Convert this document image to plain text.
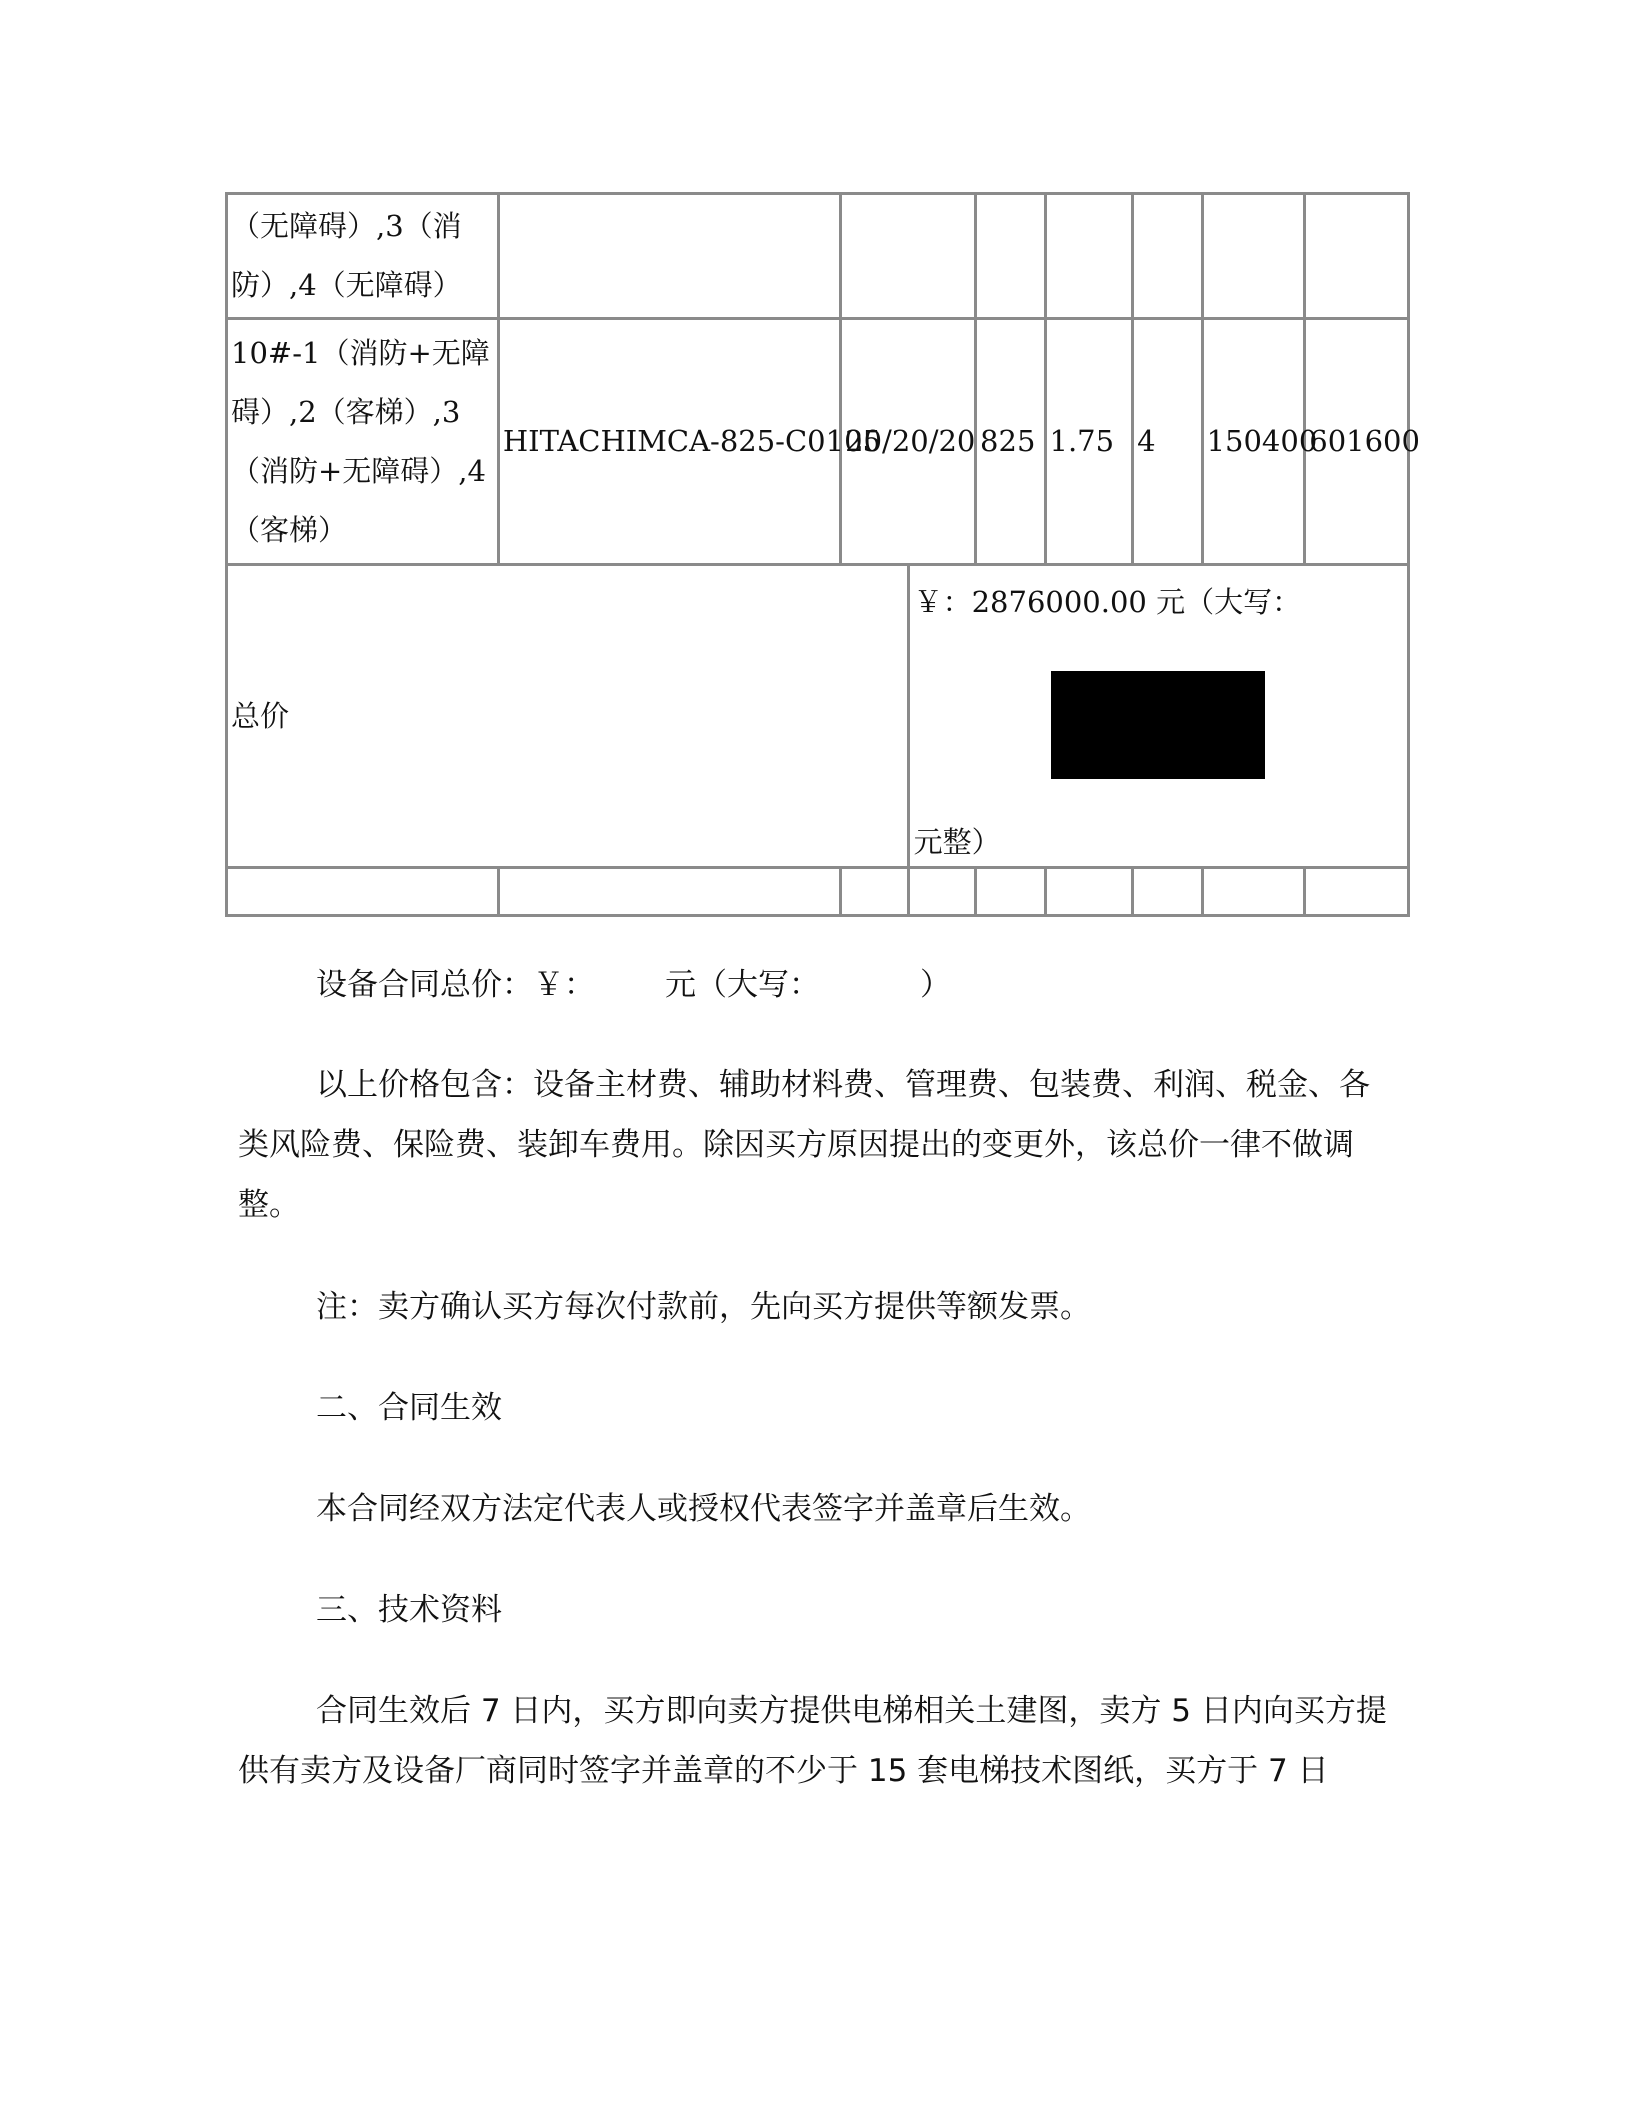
（无障碍）,3（消防）,4（无障碍）								
10#-1（消防+无障碍）,2（客梯）,3（消防+无障碍）,4（客梯）	HITACHIMCA-825-C0105	20/20/20		825	1.75	4	150400	601600
总价			￥：2876000.00 元（大写：
元整）					

设备合同总价：￥： 元（大写：	）

以上价格包含：设备主材费、辅助材料费、管理费、包装费、利润、税金、各类风险费、保险费、装卸车费用。除因买方原因提出的变更外，该总价一律不做调整。

注：卖方确认买方每次付款前，先向买方提供等额发票。

二、合同生效

本合同经双方法定代表人或授权代表签字并盖章后生效。

三、技术资料

合同生效后 7 日内，买方即向卖方提供电梯相关土建图，卖方 5 日内向买方提供有卖方及设备厂商同时签字并盖章的不少于 15 套电梯技术图纸，买方于 7 日
